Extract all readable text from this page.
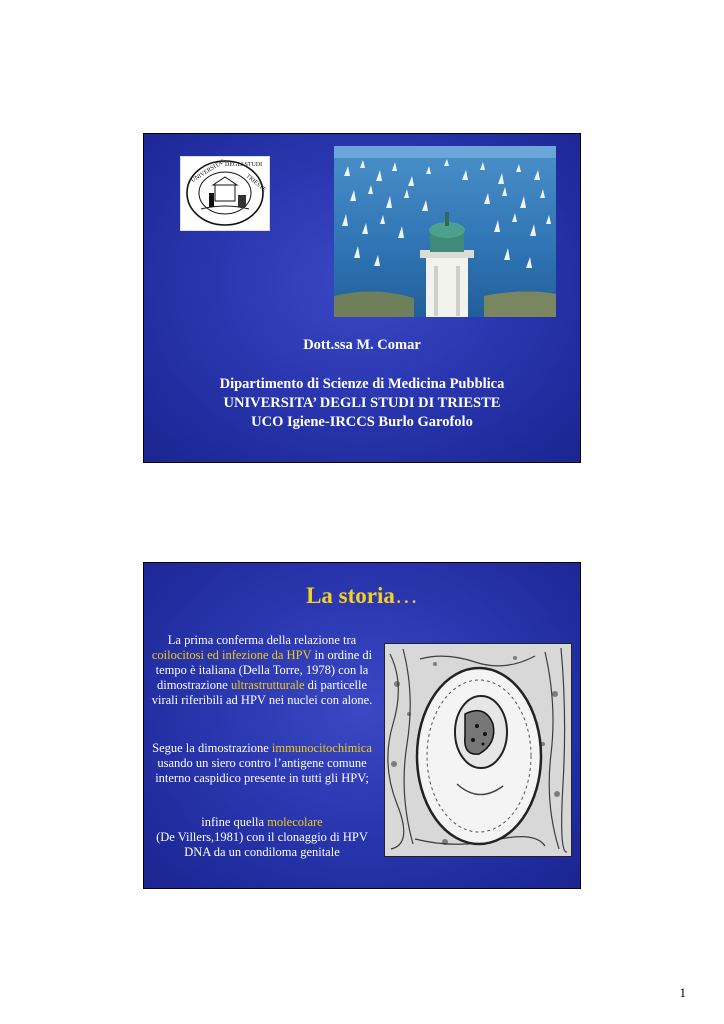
UNIVERSITAS
DEGLI STUDI
TRIESTE
Dott.ssa M. Comar
Dipartimento di Scienze di Medicina Pubblica
UNIVERSITA’ DEGLI STUDI DI TRIESTE
UCO Igiene-IRCCS Burlo Garofolo
La storia…
La prima conferma della relazione tra coilocitosi ed infezione da HPV in ordine di tempo è italiana (Della Torre, 1978) con la dimostrazione ultrastrutturale di particelle virali riferibili ad HPV nei nuclei con alone.
Segue la dimostrazione immunocitochimica usando un siero contro l’antigene comune interno caspidico presente in tutti gli HPV;
infine quella molecolare
(De Villers,1981) con il clonaggio di HPV DNA da un condiloma genitale
1
